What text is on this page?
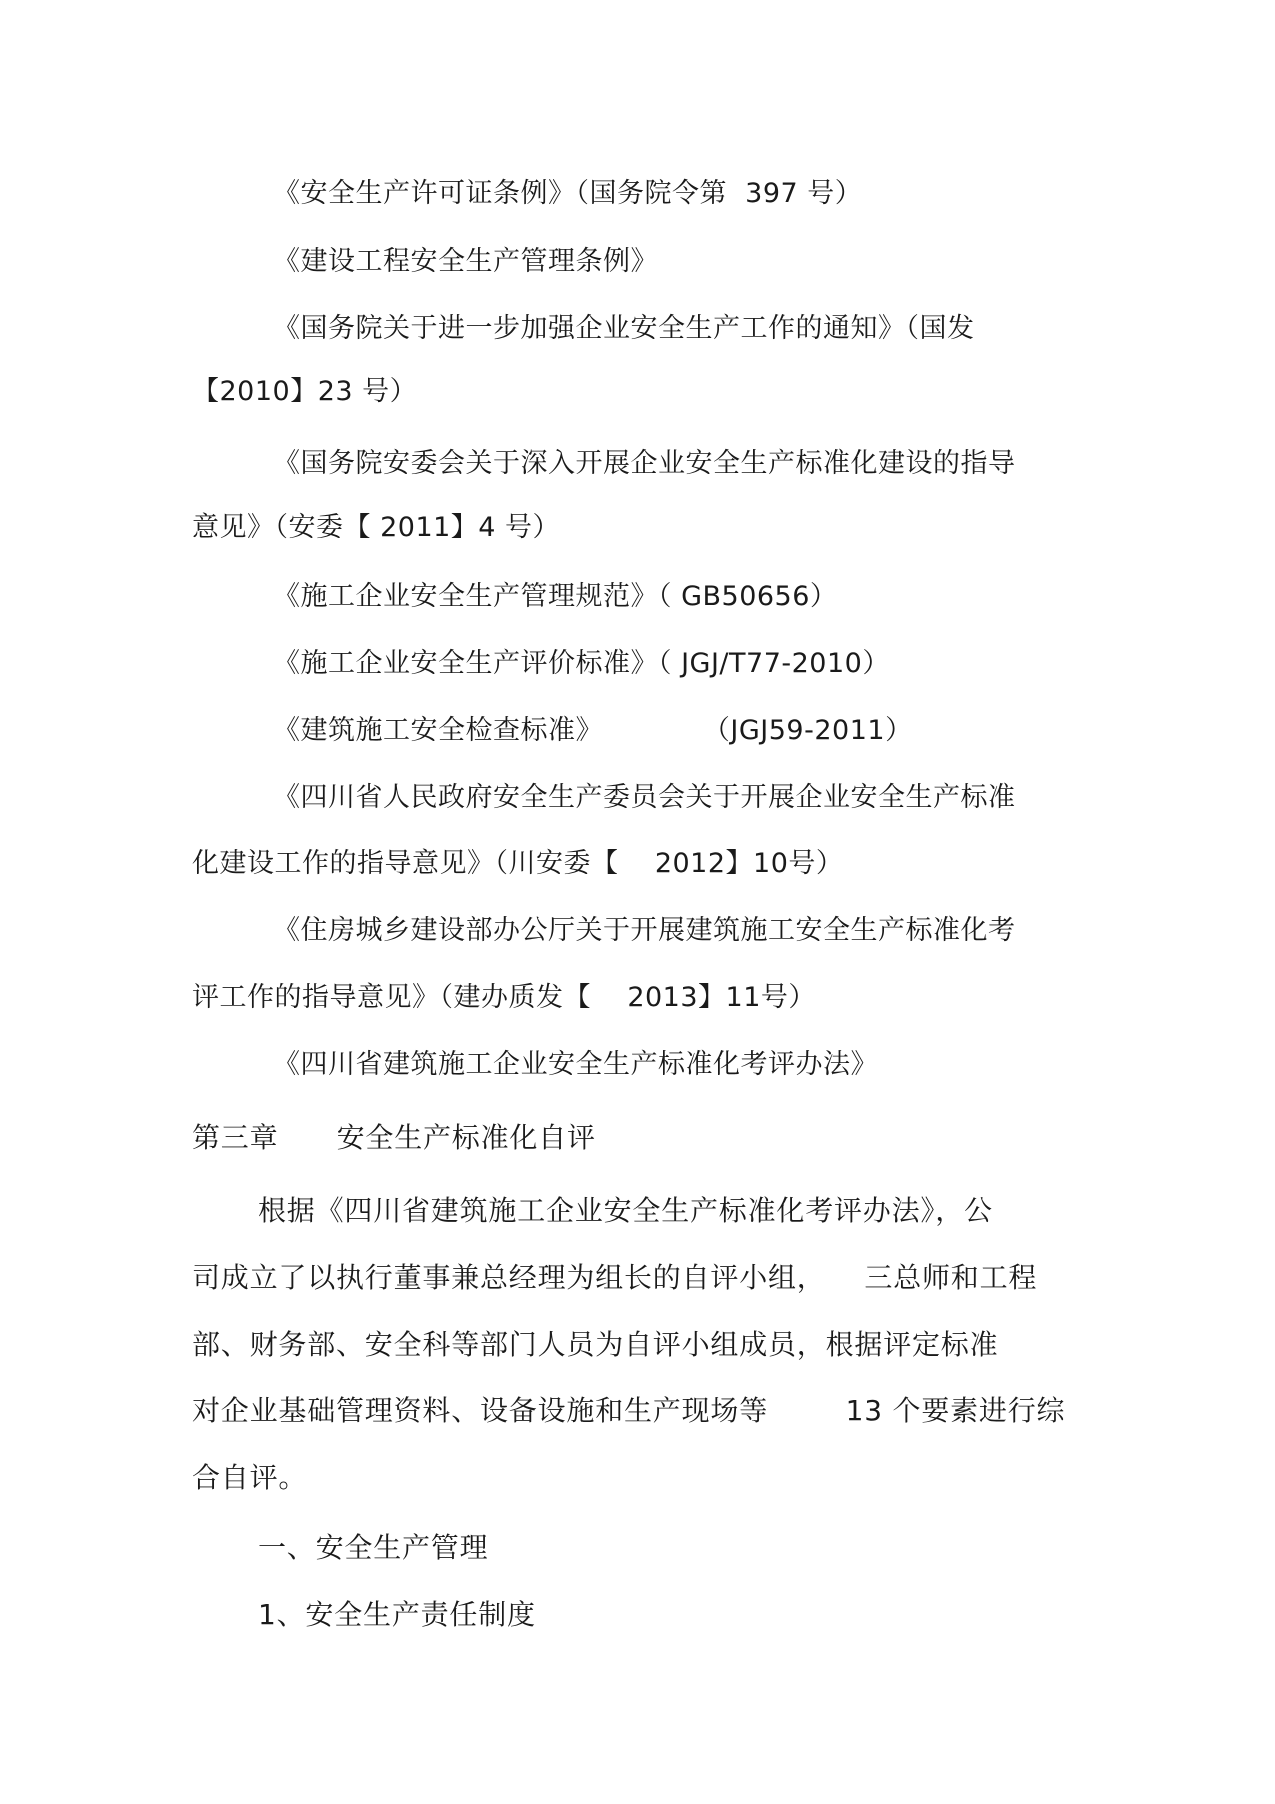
《安全生产许可证条例》（国务院令第  397 号）
《建设工程安全生产管理条例》
《国务院关于进一步加强企业安全生产工作的通知》（国发
【2010】23 号）
《国务院安委会关于深入开展企业安全生产标准化建设的指导
意见》（安委【 2011】4 号）
《施工企业安全生产管理规范》（ GB50656）
《施工企业安全生产评价标准》（ JGJ/T77-2010）
《建筑施工安全检查标准》           （JGJ59-2011）
《四川省人民政府安全生产委员会关于开展企业安全生产标准
化建设工作的指导意见》（川安委【    2012】10号）
《住房城乡建设部办公厅关于开展建筑施工安全生产标准化考
评工作的指导意见》（建办质发【    2013】11号）
《四川省建筑施工企业安全生产标准化考评办法》
第三章      安全生产标准化自评
根据《四川省建筑施工企业安全生产标准化考评办法》，公
司成立了以执行董事兼总经理为组长的自评小组，    三总师和工程
部、财务部、安全科等部门人员为自评小组成员，根据评定标准
对企业基础管理资料、设备设施和生产现场等        13 个要素进行综
合自评。
一、安全生产管理
1、安全生产责任制度
